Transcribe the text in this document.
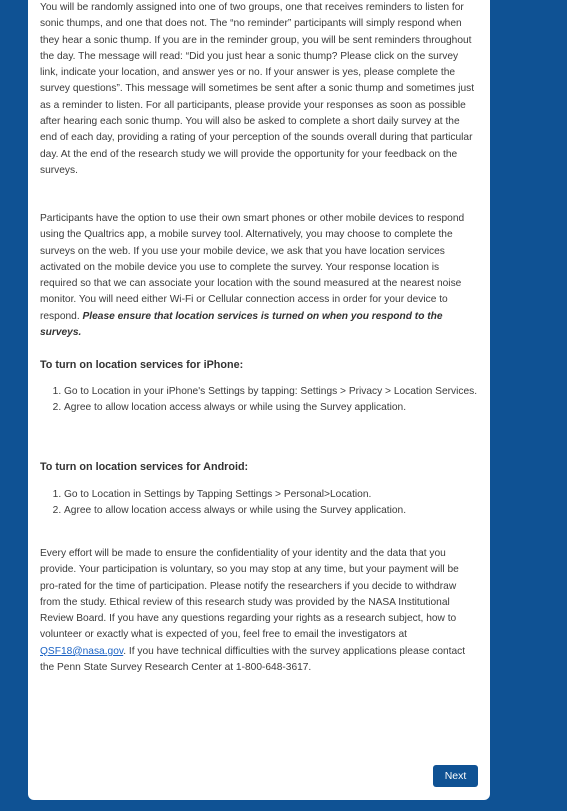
You will be randomly assigned into one of two groups, one that receives reminders to listen for sonic thumps, and one that does not. The “no reminder” participants will simply respond when they hear a sonic thump. If you are in the reminder group, you will be sent reminders throughout the day. The message will read: “Did you just hear a sonic thump? Please click on the survey link, indicate your location, and answer yes or no. If your answer is yes, please complete the survey questions”. This message will sometimes be sent after a sonic thump and sometimes just as a reminder to listen. For all participants, please provide your responses as soon as possible after hearing each sonic thump. You will also be asked to complete a short daily survey at the end of each day, providing a rating of your perception of the sounds overall during that particular day. At the end of the research study we will provide the opportunity for your feedback on the surveys.

Participants have the option to use their own smart phones or other mobile devices to respond using the Qualtrics app, a mobile survey tool. Alternatively, you may choose to complete the surveys on the web. If you use your mobile device, we ask that you have location services activated on the mobile device you use to complete the survey. Your response location is required so that we can associate your location with the sound measured at the nearest noise monitor. You will need either Wi-Fi or Cellular connection access in order for your device to respond. Please ensure that location services is turned on when you respond to the surveys.

To turn on location services for iPhone:
1. Go to Location in your iPhone's Settings by tapping: Settings > Privacy > Location Services.
2. Agree to allow location access always or while using the Survey application.
To turn on location services for Android:
1. Go to Location in Settings by Tapping Settings > Personal>Location.
2. Agree to allow location access always or while using the Survey application.

Every effort will be made to ensure the confidentiality of your identity and the data that you provide. Your participation is voluntary, so you may stop at any time, but your payment will be pro-rated for the time of participation. Please notify the researchers if you decide to withdraw from the study. Ethical review of this research study was provided by the NASA Institutional Review Board. If you have any questions regarding your rights as a research subject, how to volunteer or exactly what is expected of you, feel free to email the investigators at QSF18@nasa.gov. If you have technical difficulties with the survey applications please contact the Penn State Survey Research Center at 1-800-648-3617.

Next
